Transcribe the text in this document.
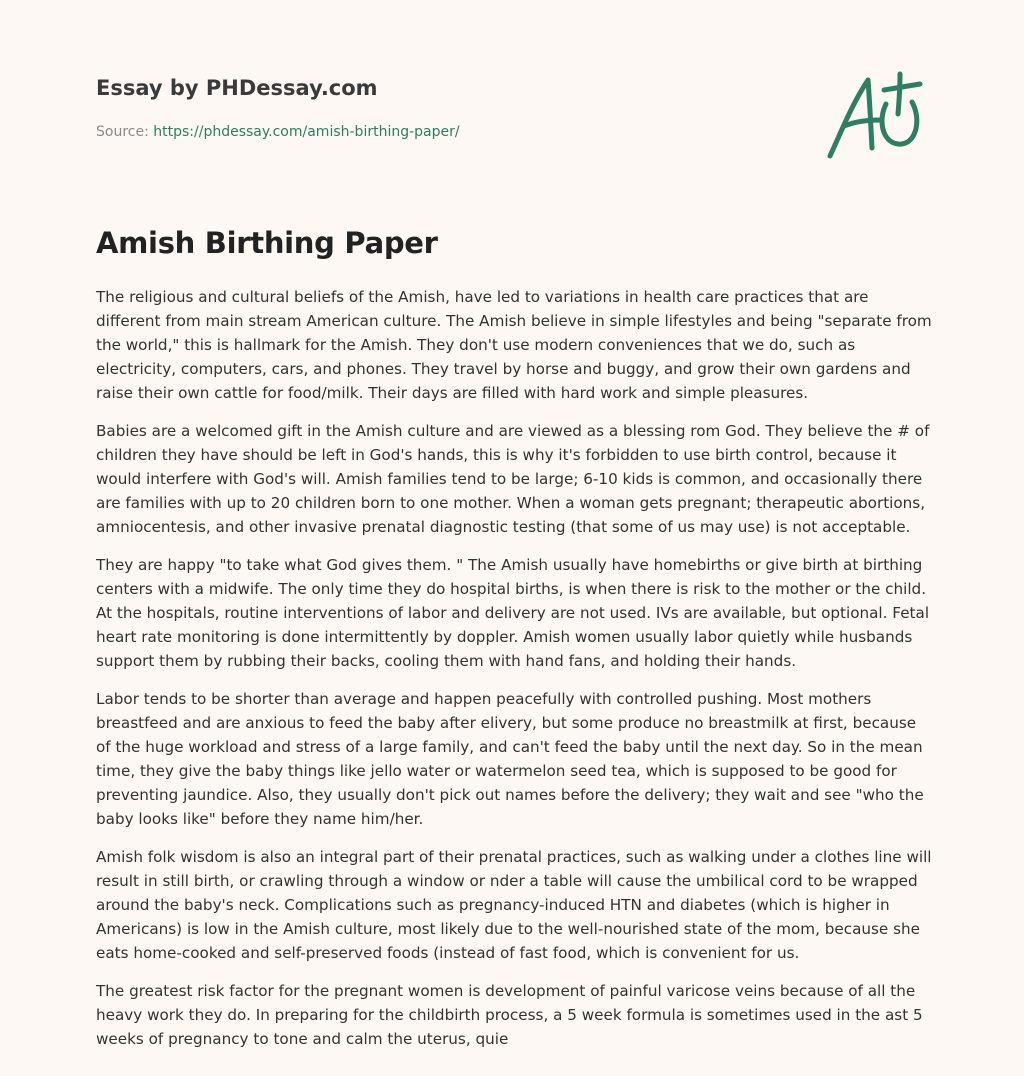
Essay by PHDessay.com
Source: https://phdessay.com/amish-birthing-paper/
Amish Birthing Paper

The religious and cultural beliefs of the Amish, have led to variations in health care practices that are different from main stream American culture. The Amish believe in simple lifestyles and being "separate from the world," this is hallmark for the Amish. They don't use modern conveniences that we do, such as electricity, computers, cars, and phones. They travel by horse and buggy, and grow their own gardens and raise their own cattle for food/milk. Their days are filled with hard work and simple pleasures.

Babies are a welcomed gift in the Amish culture and are viewed as a blessing rom God. They believe the # of children they have should be left in God's hands, this is why it's forbidden to use birth control, because it would interfere with God's will. Amish families tend to be large; 6-10 kids is common, and occasionally there are families with up to 20 children born to one mother. When a woman gets pregnant; therapeutic abortions, amniocentesis, and other invasive prenatal diagnostic testing (that some of us may use) is not acceptable.

They are happy "to take what God gives them. " The Amish usually have homebirths or give birth at birthing centers with a midwife. The only time they do hospital births, is when there is risk to the mother or the child. At the hospitals, routine interventions of labor and delivery are not used. IVs are available, but optional. Fetal heart rate monitoring is done intermittently by doppler. Amish women usually labor quietly while husbands support them by rubbing their backs, cooling them with hand fans, and holding their hands.

Labor tends to be shorter than average and happen peacefully with controlled pushing. Most mothers breastfeed and are anxious to feed the baby after elivery, but some produce no breastmilk at first, because of the huge workload and stress of a large family, and can't feed the baby until the next day. So in the mean time, they give the baby things like jello water or watermelon seed tea, which is supposed to be good for preventing jaundice. Also, they usually don't pick out names before the delivery; they wait and see "who the baby looks like" before they name him/her.

Amish folk wisdom is also an integral part of their prenatal practices, such as walking under a clothes line will result in still birth, or crawling through a window or nder a table will cause the umbilical cord to be wrapped around the baby's neck. Complications such as pregnancy-induced HTN and diabetes (which is higher in Americans) is low in the Amish culture, most likely due to the well-nourished state of the mom, because she eats home-cooked and self-preserved foods (instead of fast food, which is convenient for us.

The greatest risk factor for the pregnant women is development of painful varicose veins because of all the heavy work they do. In preparing for the childbirth process, a 5 week formula is sometimes used in the ast 5 weeks of pregnancy to tone and calm the uterus, quie
